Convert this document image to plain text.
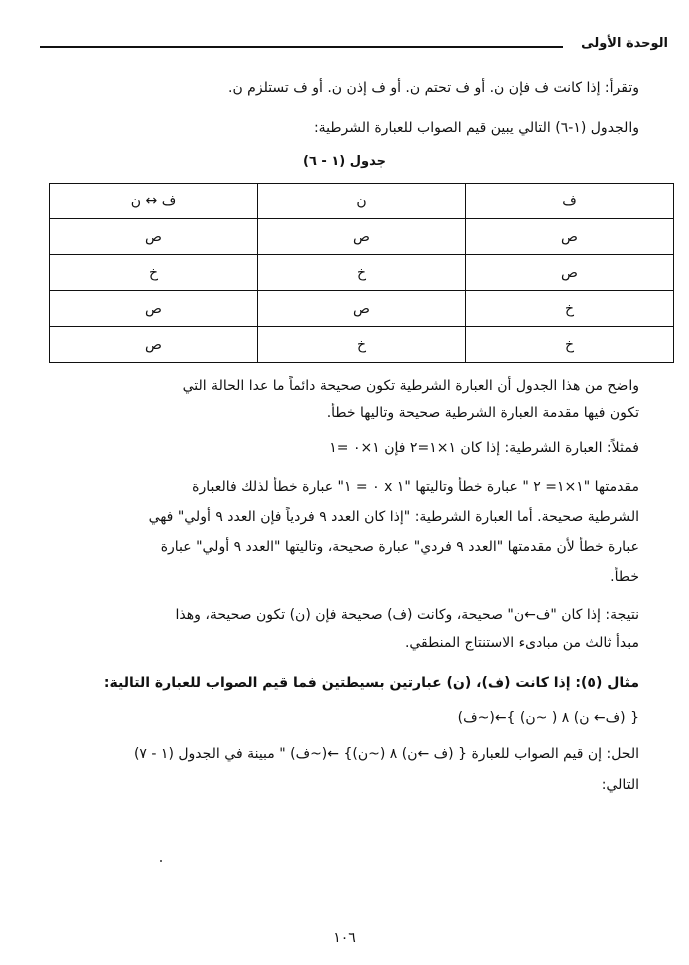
الوحدة الأولى
وتقرأ: إذا كانت ف فإن ن. أو ف تحتم ن. أو ف إذن ن. أو ف تستلزم ن.
والجدول (١-٦) التالي يبين قيم الصواب للعبارة الشرطية:
جدول (١ - ٦)
ف	ن	ف ↔ ن
ص	ص	ص
ص	خ	خ
خ	ص	ص
خ	خ	ص
واضح من هذا الجدول أن العبارة الشرطية تكون صحيحة دائماً ما عدا الحالة التي
تكون فيها مقدمة العبارة الشرطية صحيحة وتاليها خطأ.
فمثلاً: العبارة الشرطية: إذا كان ١×١=٢ فإن ١×٠ =١
مقدمتها "١×١= ٢ " عبارة خطأ وتاليتها "١ x ٠ = ١" عبارة خطأ لذلك فالعبارة
الشرطية صحيحة. أما العبارة الشرطية: "إذا كان العدد ٩ فردياً فإن العدد ٩ أولي" فهي
عبارة خطأ لأن مقدمتها "العدد ٩ فردي" عبارة صحيحة، وتاليتها "العدد ٩ أولي" عبارة
خطأ.
نتيجة: إذا كان "ف←ن" صحيحة، وكانت (ف) صحيحة فإن (ن) تكون صحيحة، وهذا
مبدأ ثالث من مبادىء الاستنتاج المنطقي.
مثال (٥): إذا كانت (ف)، (ن) عبارتين بسيطتين فما قيم الصواب للعبارة التالية:
{ (ف← ن) ٨ ( ~ن) }←(~ف)
الحل: إن قيم الصواب للعبارة { (ف ←ن) ٨ (~ن)} ←(~ف) " مبينة في الجدول (١ - ٧)
التالي:
١٠٦
